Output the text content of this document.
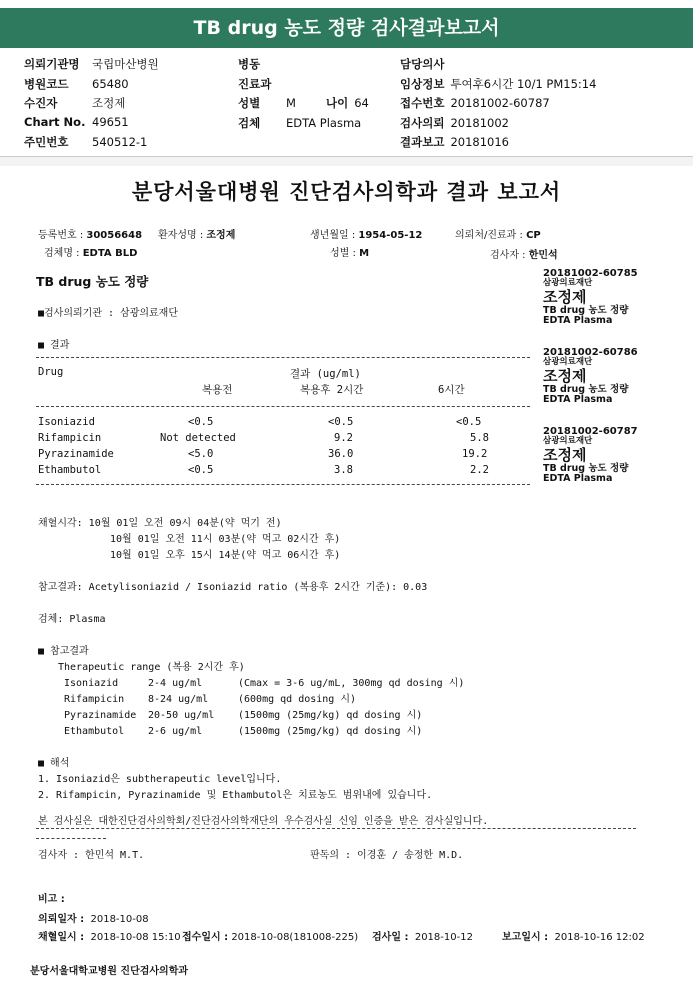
TB drug 농도 정량 검사결과보고서
의뢰기관명 국립마산병원
병원코드 65480
수진자	조정제
Chart No. 49651
주민번호 540512-1
병동
진료과
성별 M	나이 64
검체 EDTA Plasma
담당의사
임상정보 투여후6시간 10/1 PM15:14
접수번호 20181002-60787
검사의뢰 20181002
결과보고 20181016
분당서울대병원 진단검사의학과 결과 보고서
등록번호 : 30056648 환자성명 : 조정제	생년월일 : 1954-05-12	의뢰처/진료과 : CP
검체명 : EDTA BLD	성별 : M	검사자 : 한민석
TB drug 농도 정량
■검사의뢰기관 : 삼광의료재단
■ 결과
Drug	결과 (ug/ml)
복용전	복용후 2시간	6시간
Isoniazid	<0.5	<0.5	<0.5
Rifampicin	Not detected	9.2	5.8
Pyrazinamide	<5.0	36.0	19.2
Ethambutol	<0.5	3.8	2.2
채혈시각: 10월 01일 오전 09시 04분(약 먹기 전)
10월 01일 오전 11시 03분(약 먹고 02시간 후)
10월 01일 오후 15시 14분(약 먹고 06시간 후)
참고결과: Acetylisoniazid / Isoniazid ratio (복용후 2시간 기준): 0.03
검체: Plasma
■ 참고결과
Therapeutic range (복용 2시간 후)
Isoniazid	2-4 ug/ml	(Cmax = 3-6 ug/mL, 300mg qd dosing 시)
Rifampicin 8-24 ug/ml	(600mg qd dosing 시)
Pyrazinamide 20-50 ug/ml (1500mg (25mg/kg) qd dosing 시)
Ethambutol 2-6 ug/ml	(1500mg (25mg/kg) qd dosing 시)
■ 해석
1. Isoniazid은 subtherapeutic level입니다.
2. Rifampicin, Pyrazinamide 및 Ethambutol은 치료농도 범위내에 있습니다.
본 검사실은 대한진단검사의학회/진단검사의학재단의 우수검사실 신임 인증을 받은 검사실입니다.
검사자 : 한민석 M.T.	판독의 : 이경훈 / 송정한 M.D.
비고 :
의뢰일자 : 2018-10-08
채혈일시 : 2018-10-08 15:10 접수일시 : 2018-10-08(181008-225) 검사일 : 2018-10-12	보고일시 : 2018-10-16 12:02
분당서울대학교병원 진단검사의학과
20181002-60785
삼광의료재단
조정제
TB drug 농도 정량
EDTA Plasma
20181002-60786
삼광의료재단
조정제
TB drug 농도 정량
EDTA Plasma
20181002-60787
삼광의료재단
조정제
TB drug 농도 정량
EDTA Plasma
